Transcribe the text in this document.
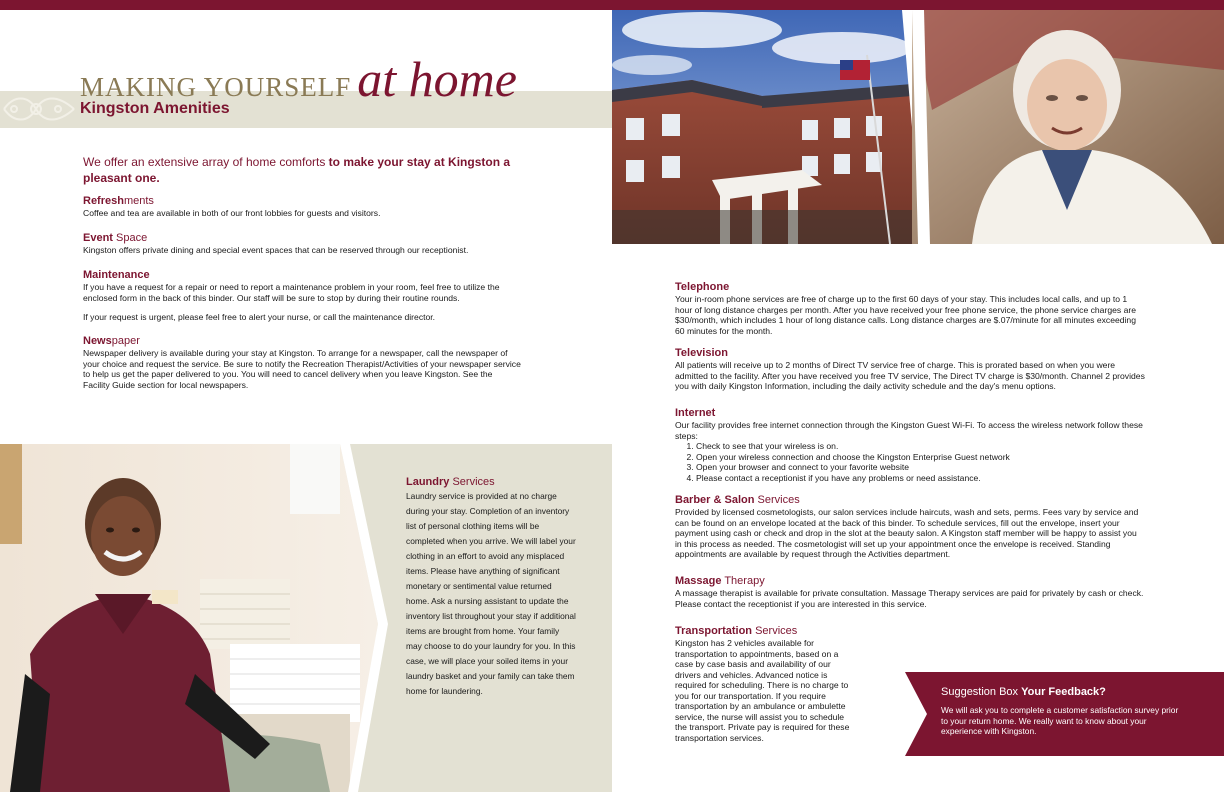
MAKING YOURSELF at home
Kingston Amenities
We offer an extensive array of home comforts to make your stay at Kingston a pleasant one.
Refreshments
Coffee and tea are available in both of our front lobbies for guests and visitors.
Event Space
Kingston offers private dining and special event spaces that can be reserved through our receptionist.
Maintenance
If you have a request for a repair or need to report a maintenance problem in your room, feel free to utilize the enclosed form in the back of this binder. Our staff will be sure to stop by during their routine rounds.
If your request is urgent, please feel free to alert your nurse, or call the maintenance director.
Newspaper
Newspaper delivery is available during your stay at Kingston. To arrange for a newspaper, call the newspaper of your choice and request the service. Be sure to notify the Recreation Therapist/Activities of your newspaper service to help us get the paper delivered to you. You will need to cancel delivery when you leave Kingston. See the Facility Guide section for local newspapers.
Telephone
Your in-room phone services are free of charge up to the first 60 days of your stay. This includes local calls, and up to 1 hour of long distance charges per month. After you have received your free phone service, the phone service charges are $30/month, which includes 1 hour of long distance calls. Long distance charges are $.07/minute for all minutes exceeding 60 minutes for the month.
Television
All patients will receive up to 2 months of Direct TV service free of charge. This is prorated based on when you were admitted to the facility. After you have received you free TV service, The Direct TV charge is $30/month. Channel 2 provides you with daily Kingston Information, including the daily activity schedule and the day's menu options.
Internet
Our facility provides free internet connection through the Kingston Guest Wi-Fi. To access the wireless network follow these steps:
1. Check to see that your wireless is on.
2. Open your wireless connection and choose the Kingston Enterprise Guest network
3. Open your browser and connect to your favorite website
4. Please contact a receptionist if you have any problems or need assistance.
Barber & Salon Services
Provided by licensed cosmetologists, our salon services include haircuts, wash and sets, perms. Fees vary by service and can be found on an envelope located at the back of this binder. To schedule services, fill out the envelope, insert your payment using cash or check and drop in the slot at the beauty salon. A Kingston staff member will be happy to assist you in this process as needed. The cosmetologist will set up your appointment once the envelope is received. Standing appointments are available by request through the Activities department.
Massage Therapy
A massage therapist is available for private consultation. Massage Therapy services are paid for privately by cash or check. Please contact the receptionist if you are interested in this service.
Transportation Services
Kingston has 2 vehicles available for transportation to appointments, based on a case by case basis and availability of our drivers and vehicles. Advanced notice is required for scheduling. There is no charge to you for our transportation. If you require transportation by an ambulance or ambulette service, the nurse will assist you to schedule the transport. Private pay is required for these transportation services.
Laundry Services
Laundry service is provided at no charge during your stay. Completion of an inventory list of personal clothing items will be completed when you arrive. We will label your clothing in an effort to avoid any misplaced items. Please have anything of significant monetary or sentimental value returned home. Ask a nursing assistant to update the inventory list throughout your stay if additional items are brought from home. Your family may choose to do your laundry for you. In this case, we will place your soiled items in your laundry basket and your family can take them home for laundering.	Suggestion Box Your Feedback?
We will ask you to complete a customer satisfaction survey prior to your return home. We really want to know about your experience with Kingston.
